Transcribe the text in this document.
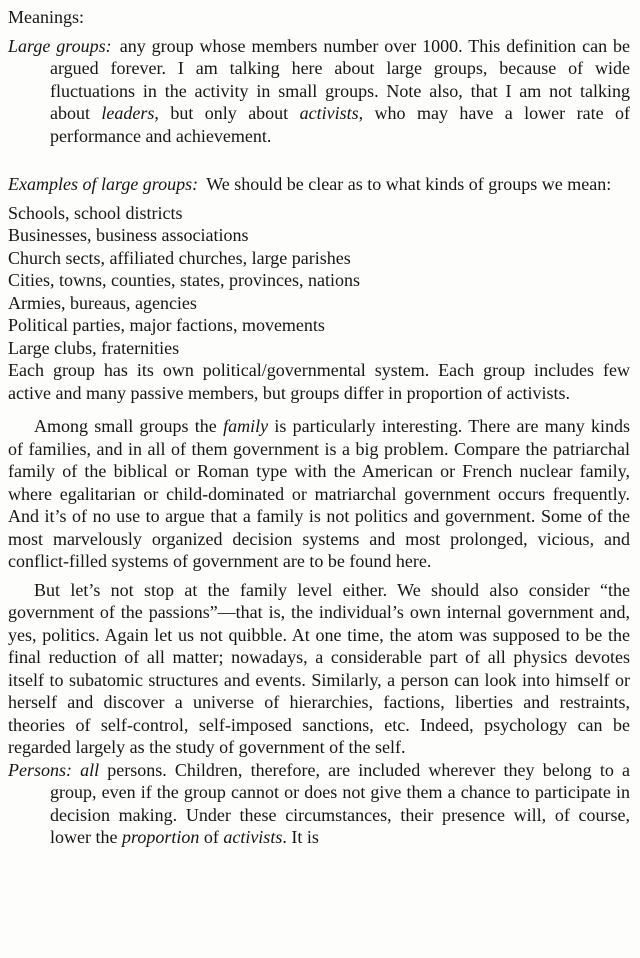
Meanings:

Large groups: any group whose members number over 1000. This definition can be argued forever. I am talking here about large groups, because of wide fluctuations in the activity in small groups. Note also, that I am not talking about leaders, but only about activists, who may have a lower rate of performance and achievement.

Examples of large groups: We should be clear as to what kinds of groups we mean:

Schools, school districts

Businesses, business associations

Church sects, affiliated churches, large parishes

Cities, towns, counties, states, provinces, nations

Armies, bureaus, agencies

Political parties, major factions, movements

Large clubs, fraternities

Each group has its own political/governmental system. Each group includes few active and many passive members, but groups differ in proportion of activists.

Among small groups the family is particularly interesting. There are many kinds of families, and in all of them government is a big problem. Compare the patriarchal family of the biblical or Roman type with the American or French nuclear family, where egalitarian or child-dominated or matriarchal government occurs frequently. And it’s of no use to argue that a family is not politics and government. Some of the most marvelously organized decision systems and most prolonged, vicious, and conflict-filled systems of government are to be found here.

But let’s not stop at the family level either. We should also consider “the government of the passions”—that is, the individual’s own internal government and, yes, politics. Again let us not quibble. At one time, the atom was supposed to be the final reduction of all matter; nowadays, a considerable part of all physics devotes itself to subatomic structures and events. Similarly, a person can look into himself or herself and discover a universe of hierarchies, factions, liberties and restraints, theories of self-control, self-imposed sanctions, etc. Indeed, psychology can be regarded largely as the study of government of the self.

Persons: all persons. Children, therefore, are included wherever they belong to a group, even if the group cannot or does not give them a chance to participate in decision making. Under these circumstances, their presence will, of course, lower the proportion of activists. It is
